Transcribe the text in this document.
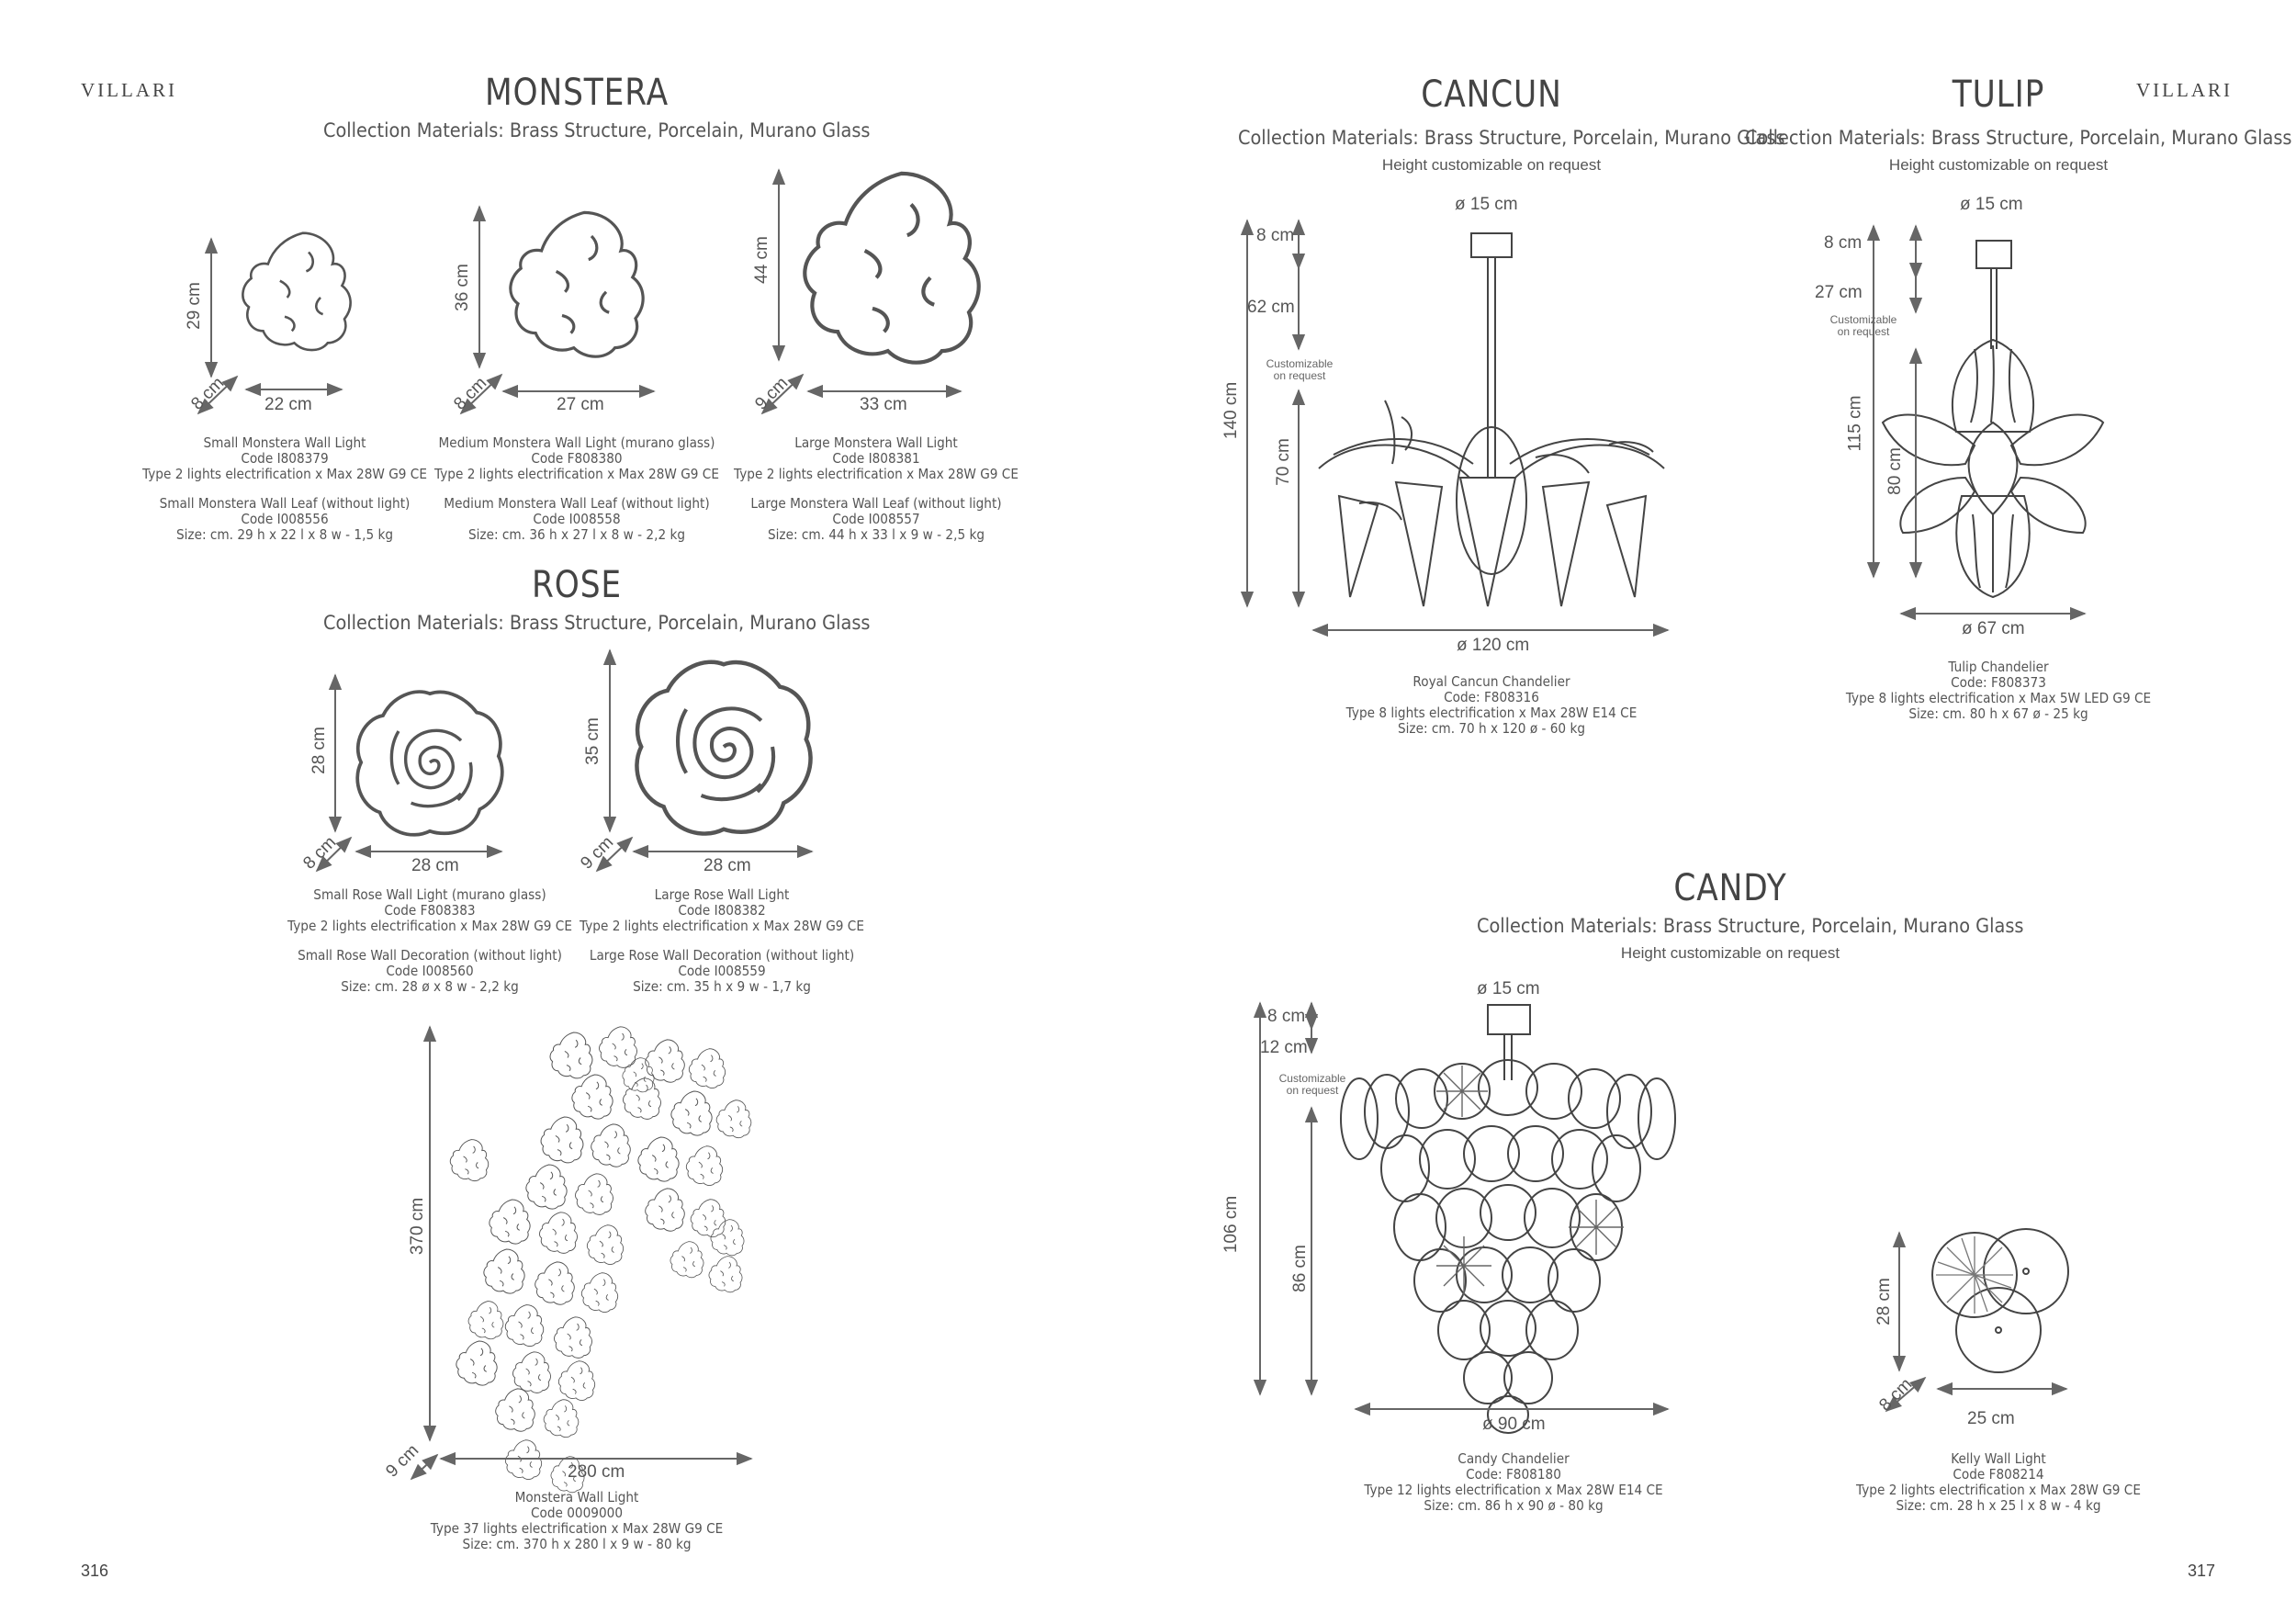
VILLARI	VILLARI
MONSTERA
Collection Materials: Brass Structure, Porcelain, Murano Glass
29 cm
22 cm
8 cm
36 cm
27 cm
8 cm
44 cm
33 cm
9 cm
Small Monstera Wall Light
Code I808379
Type 2 lights electrification x Max 28W G9 CE
Small Monstera Wall Leaf (without light)
Code I008556
Size: cm. 29 h x 22 l x 8 w - 1,5 kg
Medium Monstera Wall Light (murano glass)
Code F808380
Type 2 lights electrification x Max 28W G9 CE
Medium Monstera Wall Leaf (without light)
Code I008558
Size: cm. 36 h x 27 l x 8 w - 2,2 kg
Large Monstera Wall Light
Code I808381
Type 2 lights electrification x Max 28W G9 CE
Large Monstera Wall Leaf (without light)
Code I008557
Size: cm. 44 h x 33 l x 9 w - 2,5 kg
ROSE
Collection Materials: Brass Structure, Porcelain, Murano Glass
28 cm
28 cm
8 cm
35 cm
28 cm
9 cm
Small Rose Wall Light (murano glass)
Code F808383
Type 2 lights electrification x Max 28W G9 CE
Small Rose Wall Decoration (without light)
Code I008560
Size: cm. 28 ø x 8 w - 2,2 kg
Large Rose Wall Light
Code I808382
Type 2 lights electrification x Max 28W G9 CE
Large Rose Wall Decoration (without light)
Code I008559
Size: cm. 35 h x 9 w - 1,7 kg
370 cm
280 cm
9 cm
Monstera Wall Light
Code 0009000
Type 37 lights electrification x Max 28W G9 CE
Size: cm. 370 h x 280 l x 9 w - 80 kg
316
CANCUN
Collection Materials: Brass Structure, Porcelain, Murano Glass
Height customizable on request
ø 15 cm
8 cm
62 cm
Customizable
on request
140 cm
70 cm
ø 120 cm
Royal Cancun Chandelier
Code: F808316
Type 8 lights electrification x Max 28W E14 CE
Size: cm. 70 h x 120 ø - 60 kg
TULIP
Collection Materials: Brass Structure, Porcelain, Murano Glass
Height customizable on request
ø 15 cm
8 cm
27 cm
Customizable
on request
115 cm
80 cm
ø 67 cm
Tulip Chandelier
Code: F808373
Type 8 lights electrification x Max 5W LED G9 CE
Size: cm. 80 h x 67 ø - 25 kg
CANDY
Collection Materials: Brass Structure, Porcelain, Murano Glass
Height customizable on request
ø 15 cm
8 cm
12 cm
Customizable
on request
106 cm
86 cm
ø 90 cm
Candy Chandelier
Code: F808180
Type 12 lights electrification x Max 28W E14 CE
Size: cm. 86 h x 90 ø - 80 kg
28 cm
25 cm
8 cm
Kelly Wall Light
Code F808214
Type 2 lights electrification x Max 28W G9 CE
Size: cm. 28 h x 25 l x 8 w - 4 kg
317
